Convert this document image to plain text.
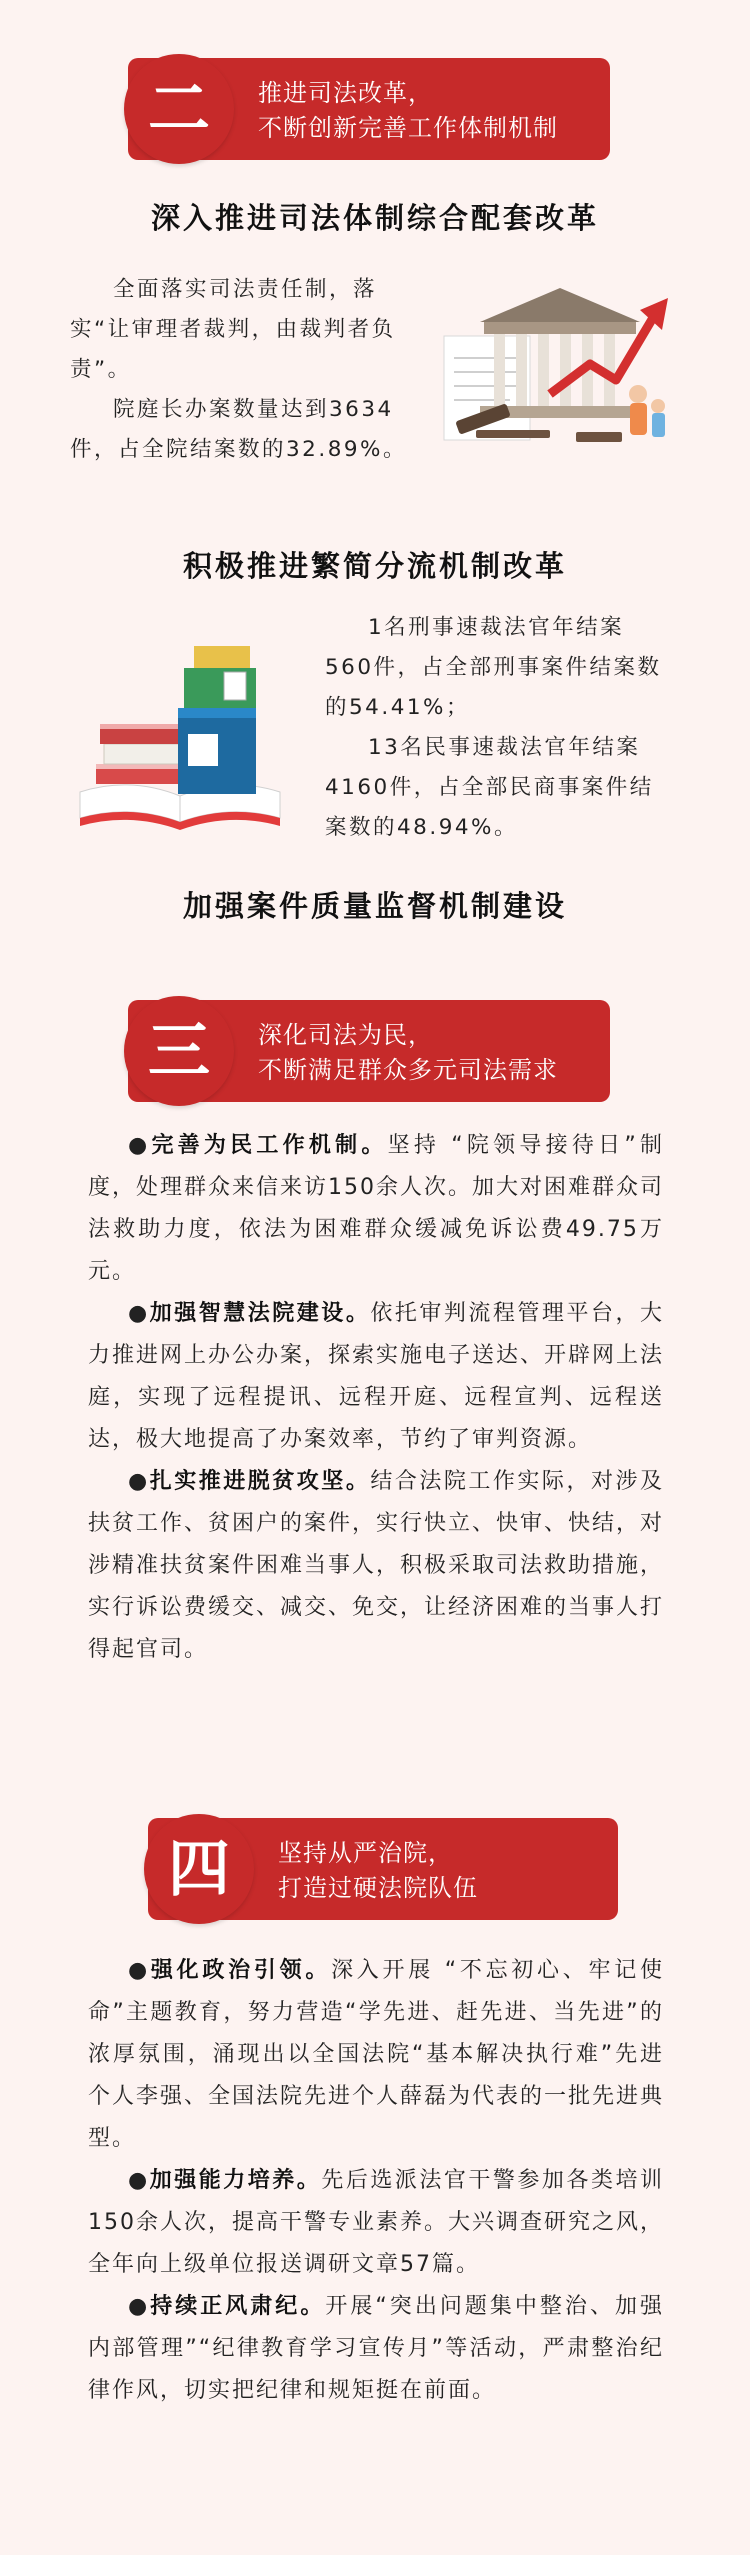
二	推进司法改革，
不断创新完善工作体制机制
深入推进司法体制综合配套改革

全面落实司法责任制，落实“让审理者裁判，由裁判者负责”。

院庭长办案数量达到3634件，占全院结案数的32.89%。

积极推进繁简分流机制改革

1名刑事速裁法官年结案560件，占全部刑事案件结案数的54.41%；

13名民事速裁法官年结案4160件，占全部民商事案件结案数的48.94%。

加强案件质量监督机制建设
三	深化司法为民，
不断满足群众多元司法需求
●完善为民工作机制。坚持 “院领导接待日”制度，处理群众来信来访150余人次。加大对困难群众司法救助力度，依法为困难群众缓减免诉讼费49.75万元。
●加强智慧法院建设。依托审判流程管理平台，大力推进网上办公办案，探索实施电子送达、开辟网上法庭，实现了远程提讯、远程开庭、远程宣判、远程送达，极大地提高了办案效率，节约了审判资源。
●扎实推进脱贫攻坚。结合法院工作实际，对涉及扶贫工作、贫困户的案件，实行快立、快审、快结，对涉精准扶贫案件困难当事人，积极采取司法救助措施，实行诉讼费缓交、减交、免交，让经济困难的当事人打得起官司。
四	坚持从严治院，
打造过硬法院队伍
●强化政治引领。深入开展 “不忘初心、牢记使命”主题教育，努力营造“学先进、赶先进、当先进”的浓厚氛围，涌现出以全国法院“基本解决执行难”先进个人李强、全国法院先进个人薛磊为代表的一批先进典型。
●加强能力培养。先后选派法官干警参加各类培训150余人次，提高干警专业素养。大兴调查研究之风，全年向上级单位报送调研文章57篇。
●持续正风肃纪。开展“突出问题集中整治、加强内部管理”“纪律教育学习宣传月”等活动，严肃整治纪律作风，切实把纪律和规矩挺在前面。
